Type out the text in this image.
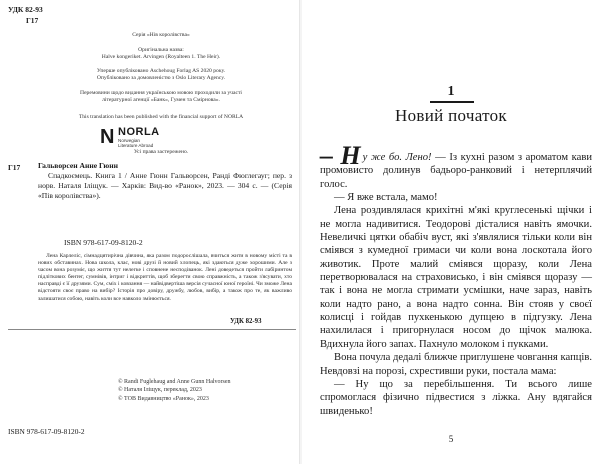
УДК 82-93
Г17
Серія «Нів королівства»
Оригінальна назва:
Halve kongeriket. Arvingen (Royalteen 1. The Heir).
Уперше опубліковано Aschehoug Forlag AS 2020 року.
Опубліковано за домовленістю з Oslo Literary Agency.
Перемовини щодо видання українською мовою проходили за участі
літературної агенції «Банк», Гумен та Смірнова».
This translation has been published with the financial support of NORLA
N NORLA
Norwegian
Literature Abroad
Усі права застережено.
Г17 Гальворсен Анне Гюнн
Спадкоємець. Книга 1 / Анне Гюнн Гальворсен, Ранді Фюглегауг; пер. з норв. Наталя Іліщук. — Харків: Вид-во «Ранок», 2023. — 304 с. — (Серія «Пів королівства»).
ISBN 978-617-09-8120-2
Лена Карлеліс, сімнадцятирічна дівчина, яка разом подорослішала, вчиться жити в новому місті та в нових обставинах. Нова школа, клас, нові друзі й новий хлопець, які здаються дуже хорошими. Але з часом вона розуміє, що життя тут нелегке і сповнене несподіванок. Лені доведеться пройти лабіринтом підліткових бентег, сумнівів, інтриг і відкриттів, щоб зберегти свою справжність, а також з'ясувати, хто насправді є її друзями. Сум, сміх і ковзання — найвідвертіша версія сучасної юної героїні. Чи зможе Лена відстояти своє право на вибір? Історія про довіру, дружбу, любов, вибір, а також про те, як важливо залишатися собою, навіть коли все навколо змінюється.
УДК 82-93
© Randi Fuglehaug and Anne Gunn Halvorsen
© Наталя Іліщук, переклад, 2023
© ТОВ Видавництво «Ранок», 2023
ISBN 978-617-09-8120-2
1
Новий початок

– Н у же бо. Лено! — Із кухні разом з ароматом кави промовисто долинув бадьоро-ранковий і нетерплячий голос.

— Я вже встала, мамо!

Лена роздивлялася крихітні м'які круглесенькі щічки і не могла надивитися. Теодорові дісталися навіть ямочки. Невеличкі цятки обабіч вуст, які з'являлися тільки коли він сміявся з кумедної гримаси чи коли вона лоскотала його животик. Проте малий сміявся щоразу, коли Лена перетворювалася на страховисько, і він сміявся щоразу — так і вона не могла стримати усмішки, наче зараз, навіть коли надто рано, а вона надто сонна. Він стояв у своєї колисці і гойдав пухкенькою дупцею в підгузку. Лена нахилилася і пригорнулася носом до щічок малюка. Вдихнула його запах. Пахнуло молоком і пукками.

Вона почула дедалі ближче приглушене човгання капців. Невдовзі на порозі, схрестивши руки, постала мама:

— Ну що за перебільшення. Ти всього лише спромоглася фізично підвестися з ліжка. Ану вдягайся швиденько!

5
